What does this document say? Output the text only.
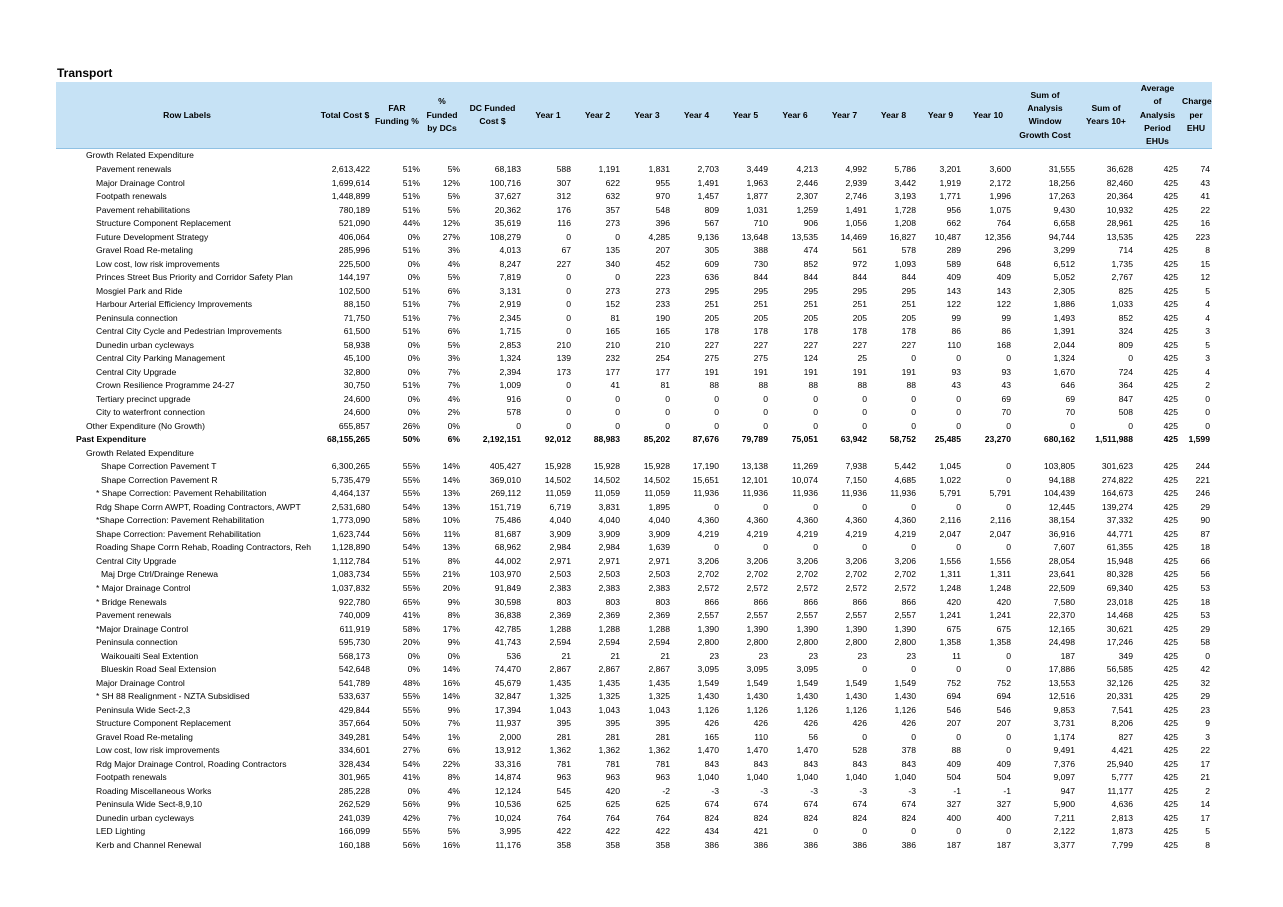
Transport
Row Labels	Total Cost $	FAR Funding %	% Funded by DCs	DC Funded Cost $	Year 1	Year 2	Year 3	Year 4	Year 5	Year 6	Year 7	Year 8	Year 9	Year 10	Sum of Analysis Window Growth Cost	Sum of Years 10+	Average of Analysis Period EHUs	Charge per EHU
Growth Related Expenditure																		
Pavement renewals	2,613,422	51%	5%	68,183	588	1,191	1,831	2,703	3,449	4,213	4,992	5,786	3,201	3,600	31,555	36,628	425	74
Major Drainage Control	1,699,614	51%	12%	100,716	307	622	955	1,491	1,963	2,446	2,939	3,442	1,919	2,172	18,256	82,460	425	43
Footpath renewals	1,448,899	51%	5%	37,627	312	632	970	1,457	1,877	2,307	2,746	3,193	1,771	1,996	17,263	20,364	425	41
Pavement rehabilitations	780,189	51%	5%	20,362	176	357	548	809	1,031	1,259	1,491	1,728	956	1,075	9,430	10,932	425	22
Structure Component Replacement	521,090	44%	12%	35,619	116	273	396	567	710	906	1,056	1,208	662	764	6,658	28,961	425	16
Future Development Strategy	406,064	0%	27%	108,279	0	0	4,285	9,136	13,648	13,535	14,469	16,827	10,487	12,356	94,744	13,535	425	223
Gravel Road Re-metaling	285,996	51%	3%	4,013	67	135	207	305	388	474	561	578	289	296	3,299	714	425	8
Low cost, low risk improvements	225,500	0%	4%	8,247	227	340	452	609	730	852	972	1,093	589	648	6,512	1,735	425	15
Princes Street Bus Priority and Corridor Safety Plan	144,197	0%	5%	7,819	0	0	223	636	844	844	844	844	409	409	5,052	2,767	425	12
Mosgiel Park and Ride	102,500	51%	6%	3,131	0	273	273	295	295	295	295	295	143	143	2,305	825	425	5
Harbour Arterial Efficiency Improvements	88,150	51%	7%	2,919	0	152	233	251	251	251	251	251	122	122	1,886	1,033	425	4
Peninsula connection	71,750	51%	7%	2,345	0	81	190	205	205	205	205	205	99	99	1,493	852	425	4
Central City Cycle and Pedestrian Improvements	61,500	51%	6%	1,715	0	165	165	178	178	178	178	178	86	86	1,391	324	425	3
Dunedin urban cycleways	58,938	0%	5%	2,853	210	210	210	227	227	227	227	227	110	168	2,044	809	425	5
Central City Parking Management	45,100	0%	3%	1,324	139	232	254	275	275	124	25	0	0	0	1,324	0	425	3
Central City Upgrade	32,800	0%	7%	2,394	173	177	177	191	191	191	191	191	93	93	1,670	724	425	4
Crown Resilience Programme 24-27	30,750	51%	7%	1,009	0	41	81	88	88	88	88	88	43	43	646	364	425	2
Tertiary precinct upgrade	24,600	0%	4%	916	0	0	0	0	0	0	0	0	0	69	69	847	425	0
City to waterfront connection	24,600	0%	2%	578	0	0	0	0	0	0	0	0	0	70	70	508	425	0
Other Expenditure (No Growth)	655,857	26%	0%	0	0	0	0	0	0	0	0	0	0	0	0	0	425	0
Past Expenditure	68,155,265	50%	6%	2,192,151	92,012	88,983	85,202	87,676	79,789	75,051	63,942	58,752	25,485	23,270	680,162	1,511,988	425	1,599
Growth Related Expenditure																		
Shape Correction Pavement T	6,300,265	55%	14%	405,427	15,928	15,928	15,928	17,190	13,138	11,269	7,938	5,442	1,045	0	103,805	301,623	425	244
Shape Correction Pavement R	5,735,479	55%	14%	369,010	14,502	14,502	14,502	15,651	12,101	10,074	7,150	4,685	1,022	0	94,188	274,822	425	221
* Shape Correction: Pavement Rehabilitation	4,464,137	55%	13%	269,112	11,059	11,059	11,059	11,936	11,936	11,936	11,936	11,936	5,791	5,791	104,439	164,673	425	246
Rdg Shape Corrn AWPT, Roading Contractors, AWPT	2,531,680	54%	13%	151,719	6,719	3,831	1,895	0	0	0	0	0	0	0	12,445	139,274	425	29
*Shape Correction: Pavement Rehabilitation	1,773,090	58%	10%	75,486	4,040	4,040	4,040	4,360	4,360	4,360	4,360	4,360	2,116	2,116	38,154	37,332	425	90
Shape Correction: Pavement Rehabilitation	1,623,744	56%	11%	81,687	3,909	3,909	3,909	4,219	4,219	4,219	4,219	4,219	2,047	2,047	36,916	44,771	425	87
Roading Shape Corrn Rehab, Roading Contractors, Reh	1,128,890	54%	13%	68,962	2,984	2,984	1,639	0	0	0	0	0	0	0	7,607	61,355	425	18
Central City Upgrade	1,112,784	51%	8%	44,002	2,971	2,971	2,971	3,206	3,206	3,206	3,206	3,206	1,556	1,556	28,054	15,948	425	66
Maj Drge Ctrl/Drainge Renewa	1,083,734	55%	21%	103,970	2,503	2,503	2,503	2,702	2,702	2,702	2,702	2,702	1,311	1,311	23,641	80,328	425	56
* Major Drainage Control	1,037,832	55%	20%	91,849	2,383	2,383	2,383	2,572	2,572	2,572	2,572	2,572	1,248	1,248	22,509	69,340	425	53
* Bridge Renewals	922,780	65%	9%	30,598	803	803	803	866	866	866	866	866	420	420	7,580	23,018	425	18
Pavement renewals	740,009	41%	8%	36,838	2,369	2,369	2,369	2,557	2,557	2,557	2,557	2,557	1,241	1,241	22,370	14,468	425	53
*Major Drainage Control	611,919	58%	17%	42,785	1,288	1,288	1,288	1,390	1,390	1,390	1,390	1,390	675	675	12,165	30,621	425	29
Peninsula connection	595,730	20%	9%	41,743	2,594	2,594	2,594	2,800	2,800	2,800	2,800	2,800	1,358	1,358	24,498	17,246	425	58
Waikouaiti Seal Extention	568,173	0%	0%	536	21	21	21	23	23	23	23	23	11	0	187	349	425	0
Blueskin Road Seal Extension	542,648	0%	14%	74,470	2,867	2,867	2,867	3,095	3,095	3,095	0	0	0	0	17,886	56,585	425	42
Major Drainage Control	541,789	48%	16%	45,679	1,435	1,435	1,435	1,549	1,549	1,549	1,549	1,549	752	752	13,553	32,126	425	32
* SH 88 Realignment - NZTA Subsidised	533,637	55%	14%	32,847	1,325	1,325	1,325	1,430	1,430	1,430	1,430	1,430	694	694	12,516	20,331	425	29
Peninsula Wide Sect-2,3	429,844	55%	9%	17,394	1,043	1,043	1,043	1,126	1,126	1,126	1,126	1,126	546	546	9,853	7,541	425	23
Structure Component Replacement	357,664	50%	7%	11,937	395	395	395	426	426	426	426	426	207	207	3,731	8,206	425	9
Gravel Road Re-metaling	349,281	54%	1%	2,000	281	281	281	165	110	56	0	0	0	0	1,174	827	425	3
Low cost, low risk improvements	334,601	27%	6%	13,912	1,362	1,362	1,362	1,470	1,470	1,470	528	378	88	0	9,491	4,421	425	22
Rdg Major Drainage Control, Roading Contractors	328,434	54%	22%	33,316	781	781	781	843	843	843	843	843	409	409	7,376	25,940	425	17
Footpath renewals	301,965	41%	8%	14,874	963	963	963	1,040	1,040	1,040	1,040	1,040	504	504	9,097	5,777	425	21
Roading Miscellaneous Works	285,228	0%	4%	12,124	545	420	-2	-3	-3	-3	-3	-3	-1	-1	947	11,177	425	2
Peninsula Wide Sect-8,9,10	262,529	56%	9%	10,536	625	625	625	674	674	674	674	674	327	327	5,900	4,636	425	14
Dunedin urban cycleways	241,039	42%	7%	10,024	764	764	764	824	824	824	824	824	400	400	7,211	2,813	425	17
LED Lighting	166,099	55%	5%	3,995	422	422	422	434	421	0	0	0	0	0	2,122	1,873	425	5
Kerb and Channel Renewal	160,188	56%	16%	11,176	358	358	358	386	386	386	386	386	187	187	3,377	7,799	425	8
